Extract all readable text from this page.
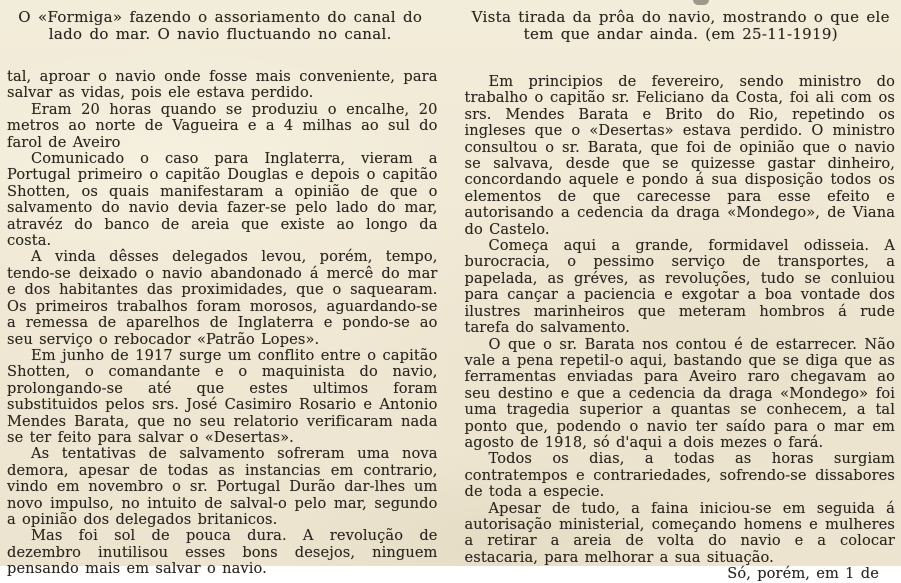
O «Formiga» fazendo o assoriamento do canal do lado do mar. O navio fluctuando no canal.
Vista tirada da prôa do navio, mostrando o que ele tem que andar ainda. (em 25-11-1919)

tal, aproar o navio onde fosse mais conveniente, para salvar as vidas, pois ele estava perdido.

Eram 20 horas quando se produziu o encalhe, 20 metros ao norte de Vagueira e a 4 milhas ao sul do farol de Aveiro

Comunicado o caso para Inglaterra, vieram a Portugal primeiro o capitão Douglas e depois o capitão Shotten, os quais manifestaram a opinião de que o salvamento do navio devia fazer-se pelo lado do mar, atravéz do banco de areia que existe ao longo da costa.

A vinda dêsses delegados levou, porém, tempo, tendo-se deixado o navio abandonado á mercê do mar e dos habitantes das proximidades, que o saquearam. Os primeiros trabalhos foram morosos, aguardando-se a remessa de aparelhos de Inglaterra e pondo-se ao seu serviço o rebocador «Patrão Lopes».

Em junho de 1917 surge um conflito entre o capitão Shotten, o comandante e o maquinista do navio, prolongando-se até que estes ultimos foram substituidos pelos srs. José Casimiro Rosario e Antonio Mendes Barata, que no seu relatorio verificaram nada se ter feito para salvar o «Desertas».

As tentativas de salvamento sofreram uma nova demora, apesar de todas as instancias em contrario, vindo em novembro o sr. Portugal Durão dar-lhes um novo impulso, no intuito de salval-o pelo mar, segundo a opinião dos delegados britanicos.

Mas foi sol de pouca dura. A revolução de dezembro inutilisou esses bons desejos, ninguem pensando mais em salvar o navio.

Em principios de fevereiro, sendo ministro do trabalho o capitão sr. Feliciano da Costa, foi ali com os srs. Mendes Barata e Brito do Rio, repetindo os ingleses que o «Desertas» estava perdido. O ministro consultou o sr. Barata, que foi de opinião que o navio se salvava, desde que se quizesse gastar dinheiro, concordando aquele e pondo á sua disposição todos os elementos de que carecesse para esse efeito e autorisando a cedencia da draga «Mondego», de Viana do Castelo.

Começa aqui a grande, formidavel odisseia. A burocracia, o pessimo serviço de transportes, a papelada, as gréves, as revoluções, tudo se conluiou para cançar a paciencia e exgotar a boa vontade dos ilustres marinheiros que meteram hombros á rude tarefa do salvamento.

O que o sr. Barata nos contou é de estarrecer. Não vale a pena repetil-o aqui, bastando que se diga que as ferramentas enviadas para Aveiro raro chegavam ao seu destino e que a cedencia da draga «Mondego» foi uma tragedia superior a quantas se conhecem, a tal ponto que, podendo o navio ter saído para o mar em agosto de 1918, só d'aqui a dois mezes o fará.

Todos os dias, a todas as horas surgiam contratempos e contrariedades, sofrendo-se dissabores de toda a especie.

Apesar de tudo, a faina iniciou-se em seguida á autorisação ministerial, começando homens e mulheres a retirar a areia de volta do navio e a colocar estacaria, para melhorar a sua situação.

Só, porém, em 1 de
